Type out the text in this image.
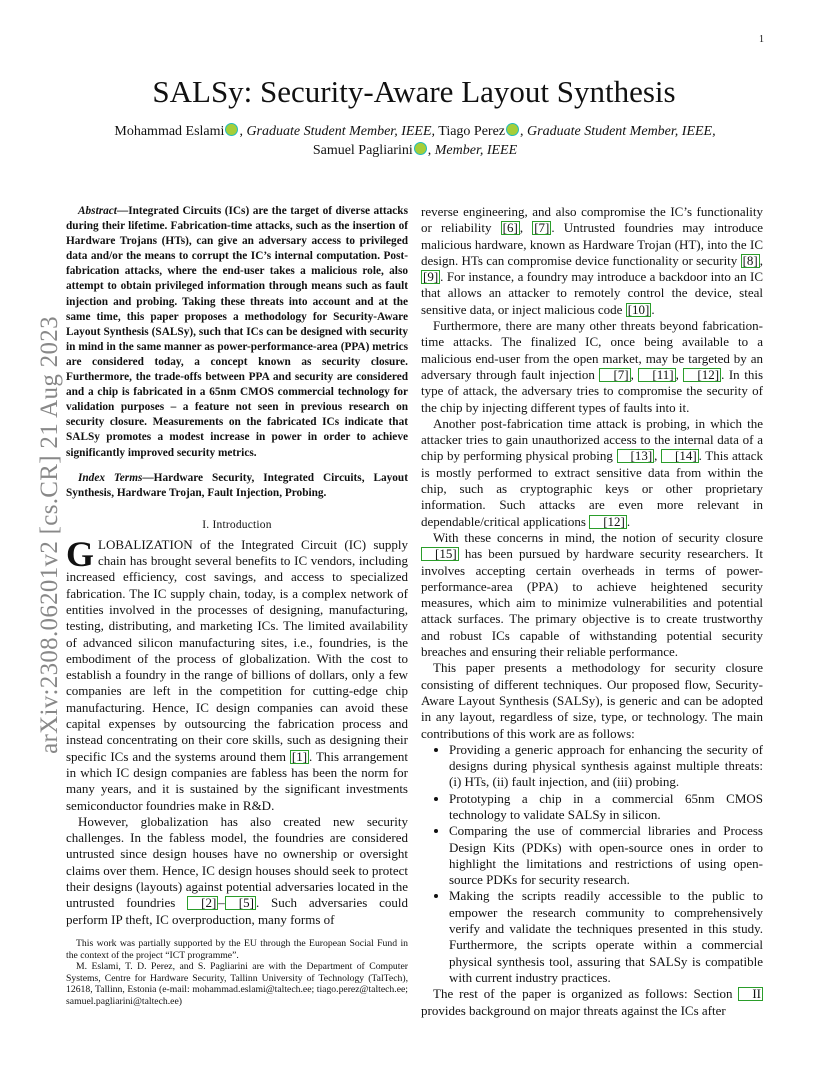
1
arXiv:2308.06201v2 [cs.CR] 21 Aug 2023
SALSy: Security-Aware Layout Synthesis
Mohammad Eslami , Graduate Student Member, IEEE, Tiago Perez , Graduate Student Member, IEEE,
Samuel Pagliarini , Member, IEEE

Abstract—Integrated Circuits (ICs) are the target of diverse attacks during their lifetime. Fabrication-time attacks, such as the insertion of Hardware Trojans (HTs), can give an adversary access to privileged data and/or the means to corrupt the IC’s internal computation. Post-fabrication attacks, where the end-user takes a malicious role, also attempt to obtain privileged information through means such as fault injection and probing. Taking these threats into account and at the same time, this paper proposes a methodology for Security-Aware Layout Synthesis (SALSy), such that ICs can be designed with security in mind in the same manner as power-performance-area (PPA) metrics are considered today, a concept known as security closure. Furthermore, the trade-offs between PPA and security are considered and a chip is fabricated in a 65nm CMOS commercial technology for validation purposes – a feature not seen in previous research on security closure. Measurements on the fabricated ICs indicate that SALSy promotes a modest increase in power in order to achieve significantly improved security metrics.

Index Terms—Hardware Security, Integrated Circuits, Layout Synthesis, Hardware Trojan, Fault Injection, Probing.

I. Introduction

GLOBALIZATION of the Integrated Circuit (IC) supply chain has brought several benefits to IC vendors, including increased efficiency, cost savings, and access to specialized fabrication. The IC supply chain, today, is a complex network of entities involved in the processes of designing, manufacturing, testing, distributing, and marketing ICs. The limited availability of advanced silicon manufacturing sites, i.e., foundries, is the embodiment of the process of globalization. With the cost to establish a foundry in the range of billions of dollars, only a few companies are left in the competition for cutting-edge chip manufacturing. Hence, IC design companies can avoid these capital expenses by outsourcing the fabrication process and instead concentrating on their core skills, such as designing their specific ICs and the systems around them [1] . This arrangement in which IC design companies are fabless has been the norm for many years, and it is sustained by the significant investments semiconductor foundries make in R&D.

However, globalization has also created new security challenges. In the fabless model, the foundries are considered untrusted since design houses have no ownership or oversight claims over them. Hence, IC design houses should seek to protect their designs (layouts) against potential adversaries located in the untrusted foundries [2] – [5] . Such adversaries could perform IP theft, IC overproduction, many forms of

This work was partially supported by the EU through the European Social Fund in the context of the project “ICT programme”.

M. Eslami, T. D. Perez, and S. Pagliarini are with the Department of Computer Systems, Centre for Hardware Security, Tallinn University of Technology (TalTech), 12618, Tallinn, Estonia (e-mail: mohammad.eslami@taltech.ee; tiago.perez@taltech.ee; samuel.pagliarini@taltech.ee)

reverse engineering, and also compromise the IC’s functionality or reliability [6] , [7] . Untrusted foundries may introduce malicious hardware, known as Hardware Trojan (HT), into the IC design. HTs can compromise device functionality or security [8] , [9] . For instance, a foundry may introduce a backdoor into an IC that allows an attacker to remotely control the device, steal sensitive data, or inject malicious code [10] .

Furthermore, there are many other threats beyond fabrication-time attacks. The finalized IC, once being available to a malicious end-user from the open market, may be targeted by an adversary through fault injection [7] , [11] , [12] . In this type of attack, the adversary tries to compromise the security of the chip by injecting different types of faults into it.

Another post-fabrication time attack is probing, in which the attacker tries to gain unauthorized access to the internal data of a chip by performing physical probing [13] , [14] . This attack is mostly performed to extract sensitive data from within the chip, such as cryptographic keys or other proprietary information. Such attacks are even more relevant in dependable/critical applications [12] .

With these concerns in mind, the notion of security closure [15] has been pursued by hardware security researchers. It involves accepting certain overheads in terms of power-performance-area (PPA) to achieve heightened security measures, which aim to minimize vulnerabilities and potential attack surfaces. The primary objective is to create trustworthy and robust ICs capable of withstanding potential security breaches and ensuring their reliable performance.

This paper presents a methodology for security closure consisting of different techniques. Our proposed flow, Security-Aware Layout Synthesis (SALSy), is generic and can be adopted in any layout, regardless of size, type, or technology. The main contributions of this work are as follows:

• Providing a generic approach for enhancing the security of designs during physical synthesis against multiple threats: (i) HTs, (ii) fault injection, and (iii) probing.
• Prototyping a chip in a commercial 65nm CMOS technology to validate SALSy in silicon.
• Comparing the use of commercial libraries and Process Design Kits (PDKs) with open-source ones in order to highlight the limitations and restrictions of using open-source PDKs for security research.
• Making the scripts readily accessible to the public to empower the research community to comprehensively verify and validate the techniques presented in this study. Furthermore, the scripts operate within a commercial physical synthesis tool, assuring that SALSy is compatible with current industry practices.

The rest of the paper is organized as follows: Section II provides background on major threats against the ICs after
